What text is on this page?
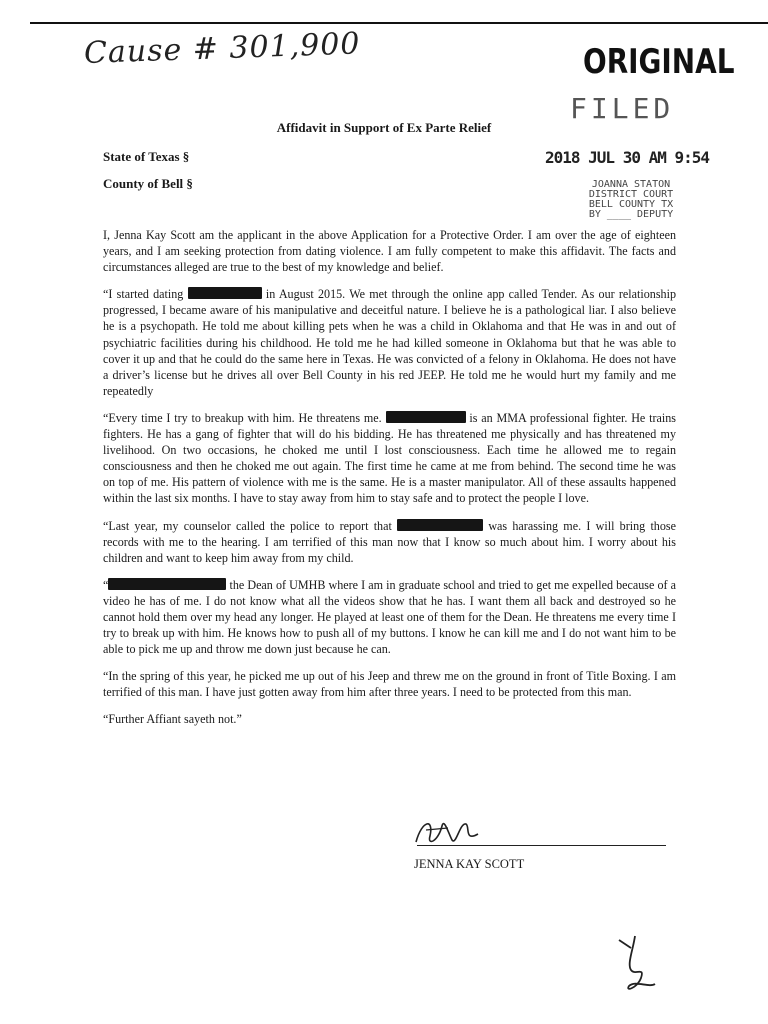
Cause # 301,900	ORIGINAL
FILED
Affidavit in Support of Ex Parte Relief
State of Texas §
County of Bell §
2018 JUL 30 AM 9:54
JOANNA STATON
DISTRICT COURT
BELL COUNTY TX
BY ____ DEPUTY

I, Jenna Kay Scott am the applicant in the above Application for a Protective Order. I am over the age of eighteen years, and I am seeking protection from dating violence. I am fully competent to make this affidavit. The facts and circumstances alleged are true to the best of my knowledge and belief.

“I started dating	in August 2015. We met through the online app called Tender. As our relationship progressed, I became aware of his manipulative and deceitful nature. I believe he is a pathological liar. I also believe he is a psychopath. He told me about killing pets when he was a child in Oklahoma and that He was in and out of psychiatric facilities during his childhood. He told me he had killed someone in Oklahoma but that he was able to cover it up and that he could do the same here in Texas. He was convicted of a felony in Oklahoma. He does not have a driver’s license but he drives all over Bell County in his red JEEP. He told me he would hurt my family and me repeatedly

“Every time I try to breakup with him. He threatens me.	is an MMA professional fighter. He trains fighters. He has a gang of fighter that will do his bidding. He has threatened me physically and has threatened my livelihood. On two occasions, he choked me until I lost consciousness. Each time he allowed me to regain consciousness and then he choked me out again. The first time he came at me from behind. The second time he was on top of me. His pattern of violence with me is the same. He is a master manipulator. All of these assaults happened within the last six months. I have to stay away from him to stay safe and to protect the people I love.

“Last year, my counselor called the police to report that	was harassing me. I will bring those records with me to the hearing. I am terrified of this man now that I know so much about him. I worry about his children and want to keep him away from my child.

“	the Dean of UMHB where I am in graduate school and tried to get me expelled because of a video he has of me. I do not know what all the videos show that he has. I want them all back and destroyed so he cannot hold them over my head any longer. He played at least one of them for the Dean. He threatens me every time I try to break up with him. He knows how to push all of my buttons. I know he can kill me and I do not want him to be able to pick me up and throw me down just because he can.

“In the spring of this year, he picked me up out of his Jeep and threw me on the ground in front of Title Boxing. I am terrified of this man. I have just gotten away from him after three years. I need to be protected from this man.

“Further Affiant sayeth not.”

JENNA KAY SCOTT
